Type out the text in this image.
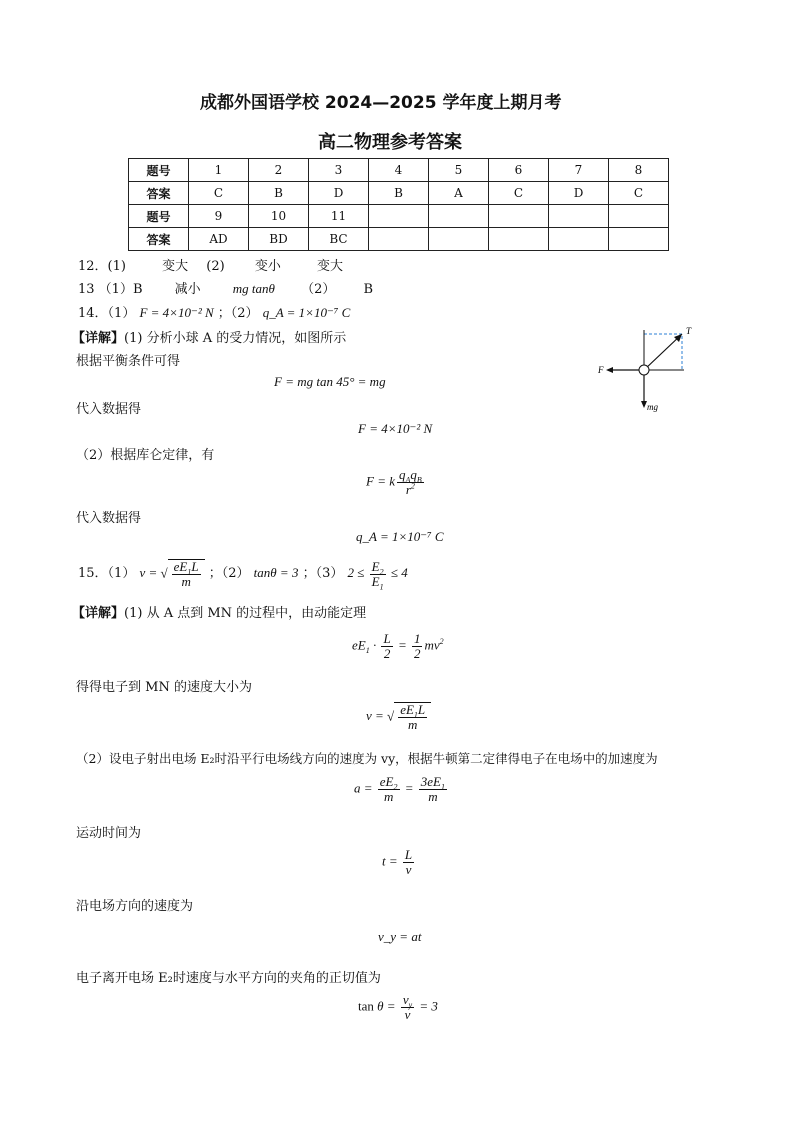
成都外国语学校 2024—2025 学年度上期月考
高二物理参考答案
题号	1	2	3	4	5	6	7	8
答案	C	B	D	B	A	C	D	C
题号	9	10	11					
答案	AD	BD	BC					
12．(1)	变大 (2) 变小	变大
13 （1）B 减小 mg tanθ （2） B
14．（1） F = 4×10⁻² N ；（2） q_A = 1×10⁻⁷ C
【详解】(1) 分析小球 A 的受力情况，如图所示
根据平衡条件可得
F = mg tan 45° = mg
代入数据得
F = 4×10⁻² N
（2）根据库仑定律，有
F = k $\frac{q_Aq_B}{r^2}$
代入数据得
q_A = 1×10⁻⁷ C
T
F
mg
15．（1） v = √ $\frac{eE_1L}{m}$ ；（2） tanθ = 3 ；（3） $2 \le \frac{E_2}{E_1} \le 4$
【详解】(1) 从 A 点到 MN 的过程中，由动能定理
$eE_1 \cdot \frac{L}{2} = \frac{1}{2} mv^2$
得得电子到 MN 的速度大小为
v = √ $\frac{eE_1L}{m}$
（2）设电子射出电场 E₂时沿平行电场线方向的速度为 vy，根据牛顿第二定律得电子在电场中的加速度为
$a = \frac{eE_2}{m} = \frac{3eE_1}{m}$
运动时间为
$t = \frac{L}{v}$
沿电场方向的速度为
v_y = at
电子离开电场 E₂时速度与水平方向的夹角的正切值为
$\tan \theta = \frac{v_y}{v} = 3$
